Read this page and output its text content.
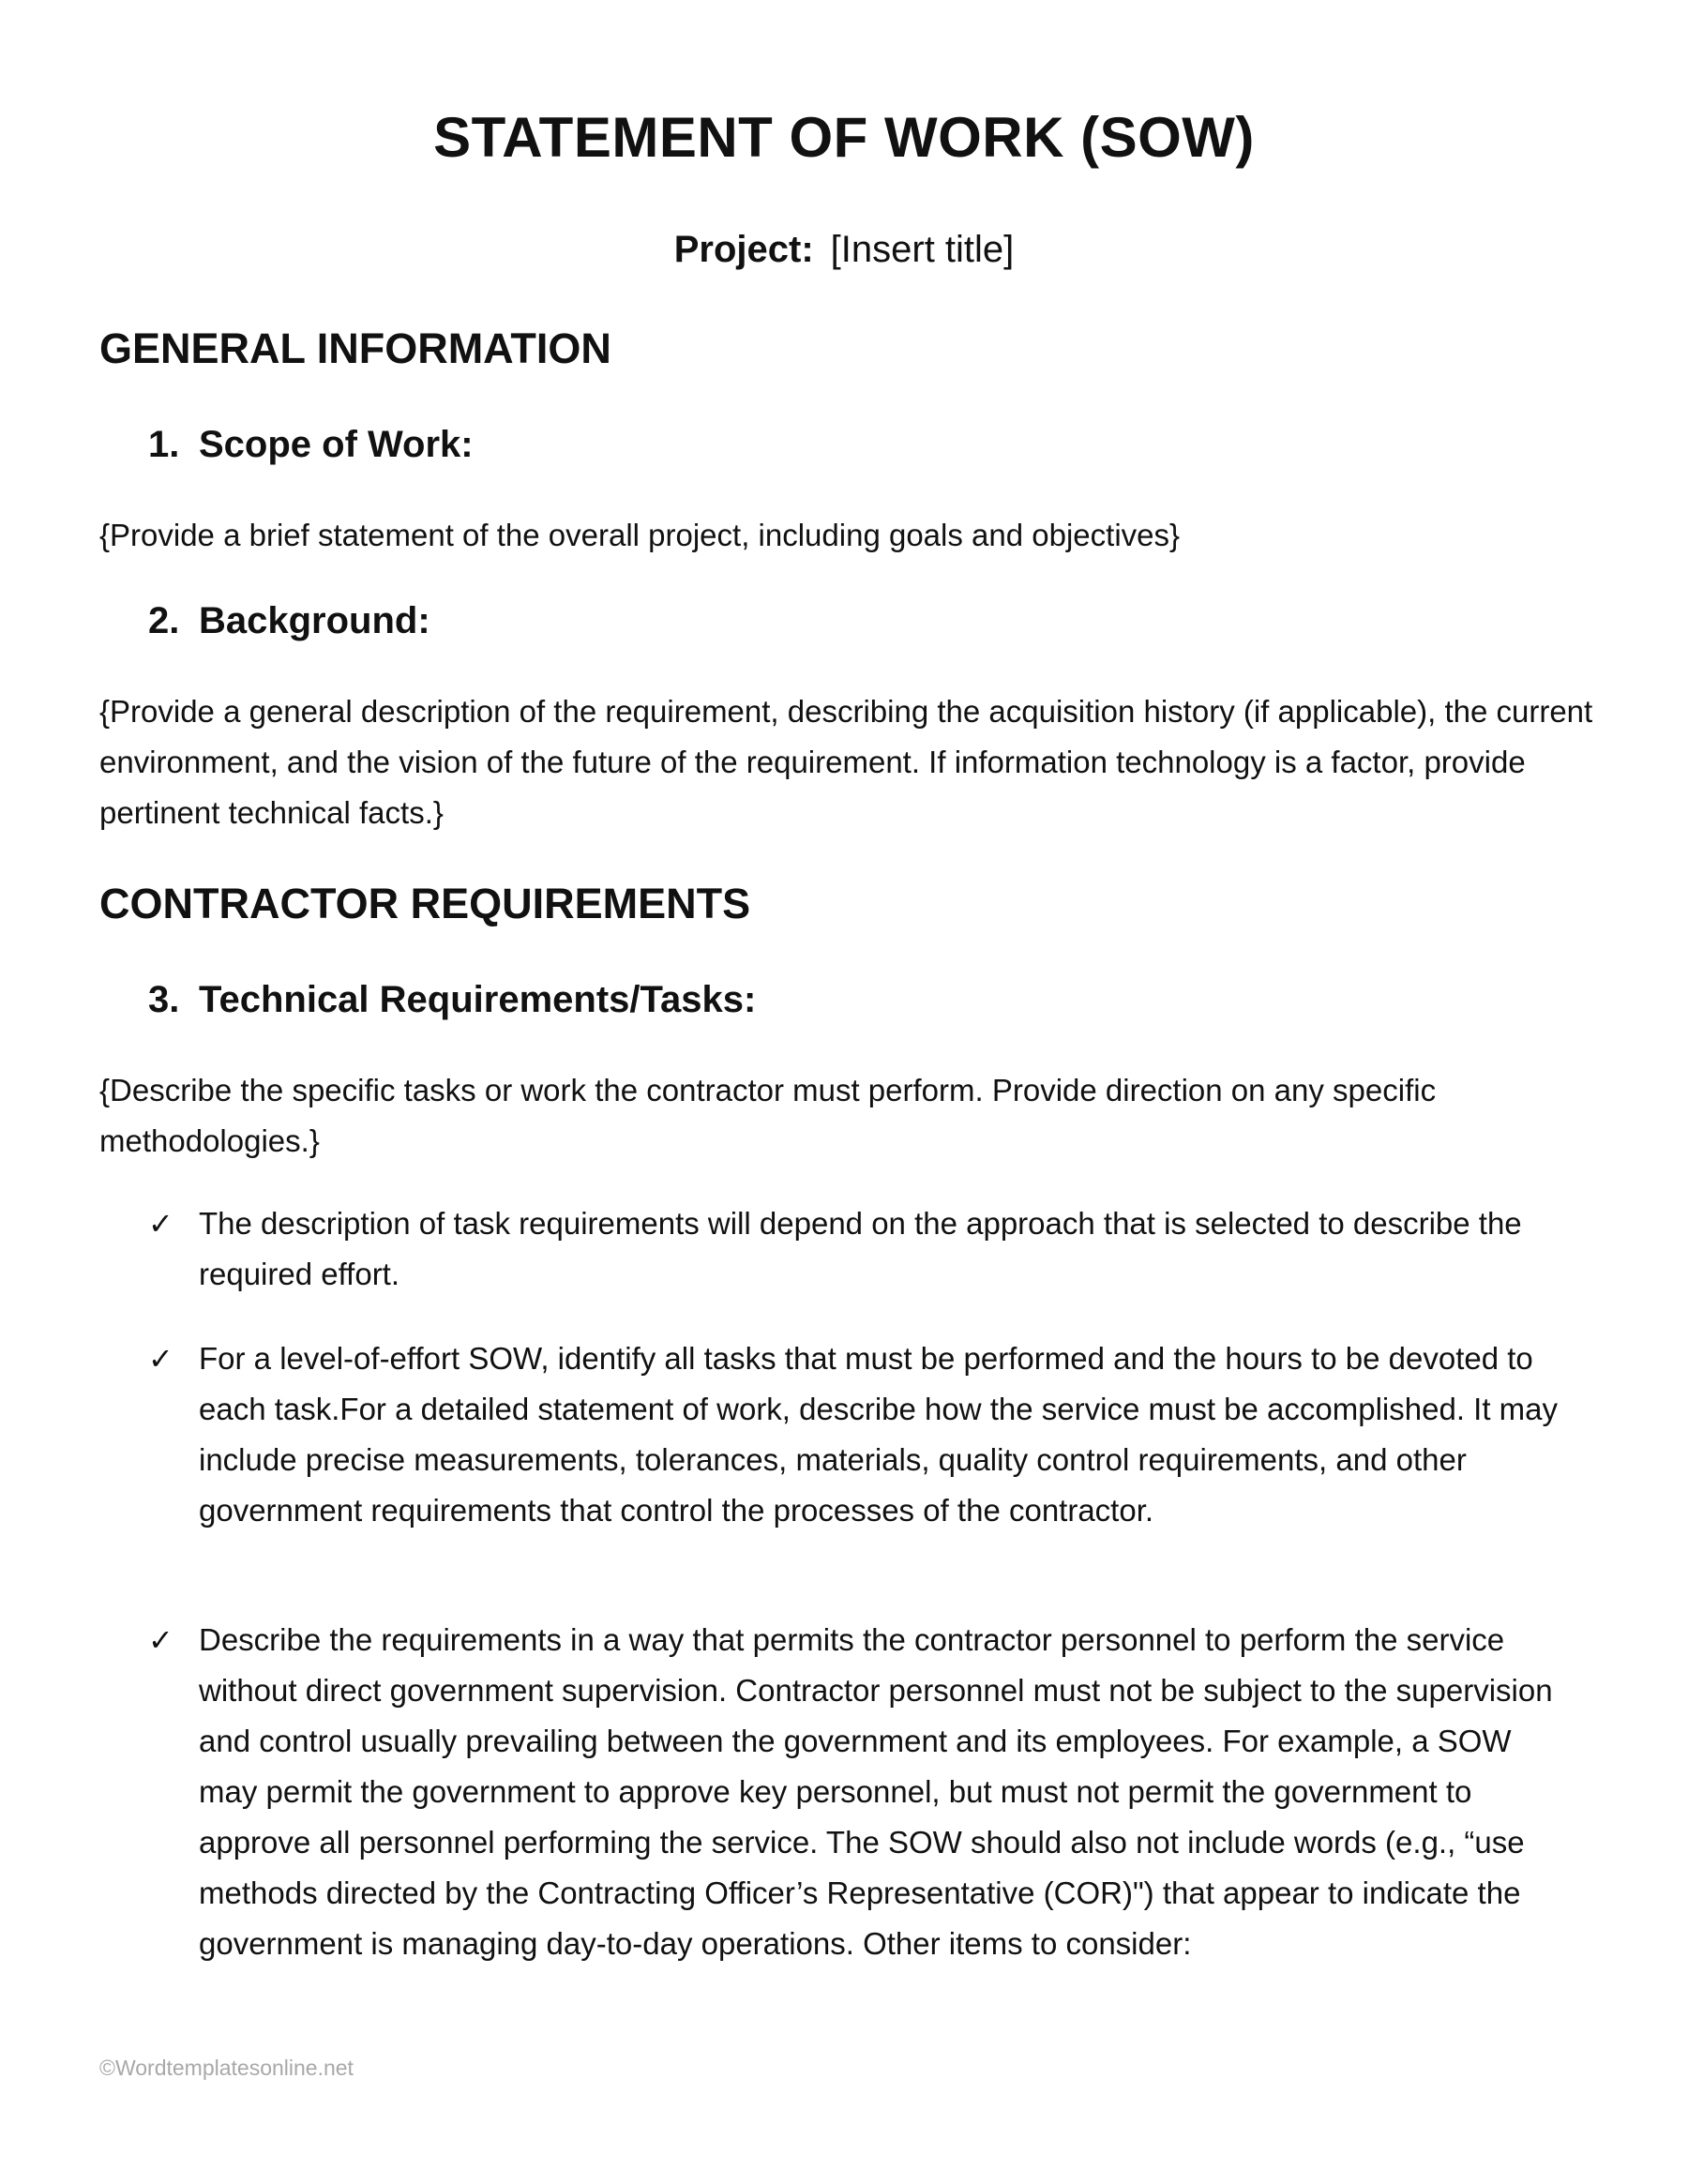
STATEMENT OF WORK (SOW)
Project: [Insert title]
GENERAL INFORMATION
1. Scope of Work:

{Provide a brief statement of the overall project, including goals and objectives}

2. Background:

{Provide a general description of the requirement, describing the acquisition history (if applicable), the current environment, and the vision of the future of the requirement. If information technology is a factor, provide pertinent technical facts.}

CONTRACTOR REQUIREMENTS
3. Technical Requirements/Tasks:

{Describe the specific tasks or work the contractor must perform. Provide direction on any specific methodologies.}

✓ The description of task requirements will depend on the approach that is selected to describe the required effort.
✓ For a level-of-effort SOW, identify all tasks that must be performed and the hours to be devoted to each task.For a detailed statement of work, describe how the service must be accomplished. It may include precise measurements, tolerances, materials, quality control requirements, and other government requirements that control the processes of the contractor.
✓ Describe the requirements in a way that permits the contractor personnel to perform the service without direct government supervision. Contractor personnel must not be subject to the supervision and control usually prevailing between the government and its employees. For example, a SOW may permit the government to approve key personnel, but must not permit the government to approve all personnel performing the service. The SOW should also not include words (e.g., “use methods directed by the Contracting Officer’s Representative (COR)") that appear to indicate the government is managing day-to-day operations. Other items to consider:
©Wordtemplatesonline.net
